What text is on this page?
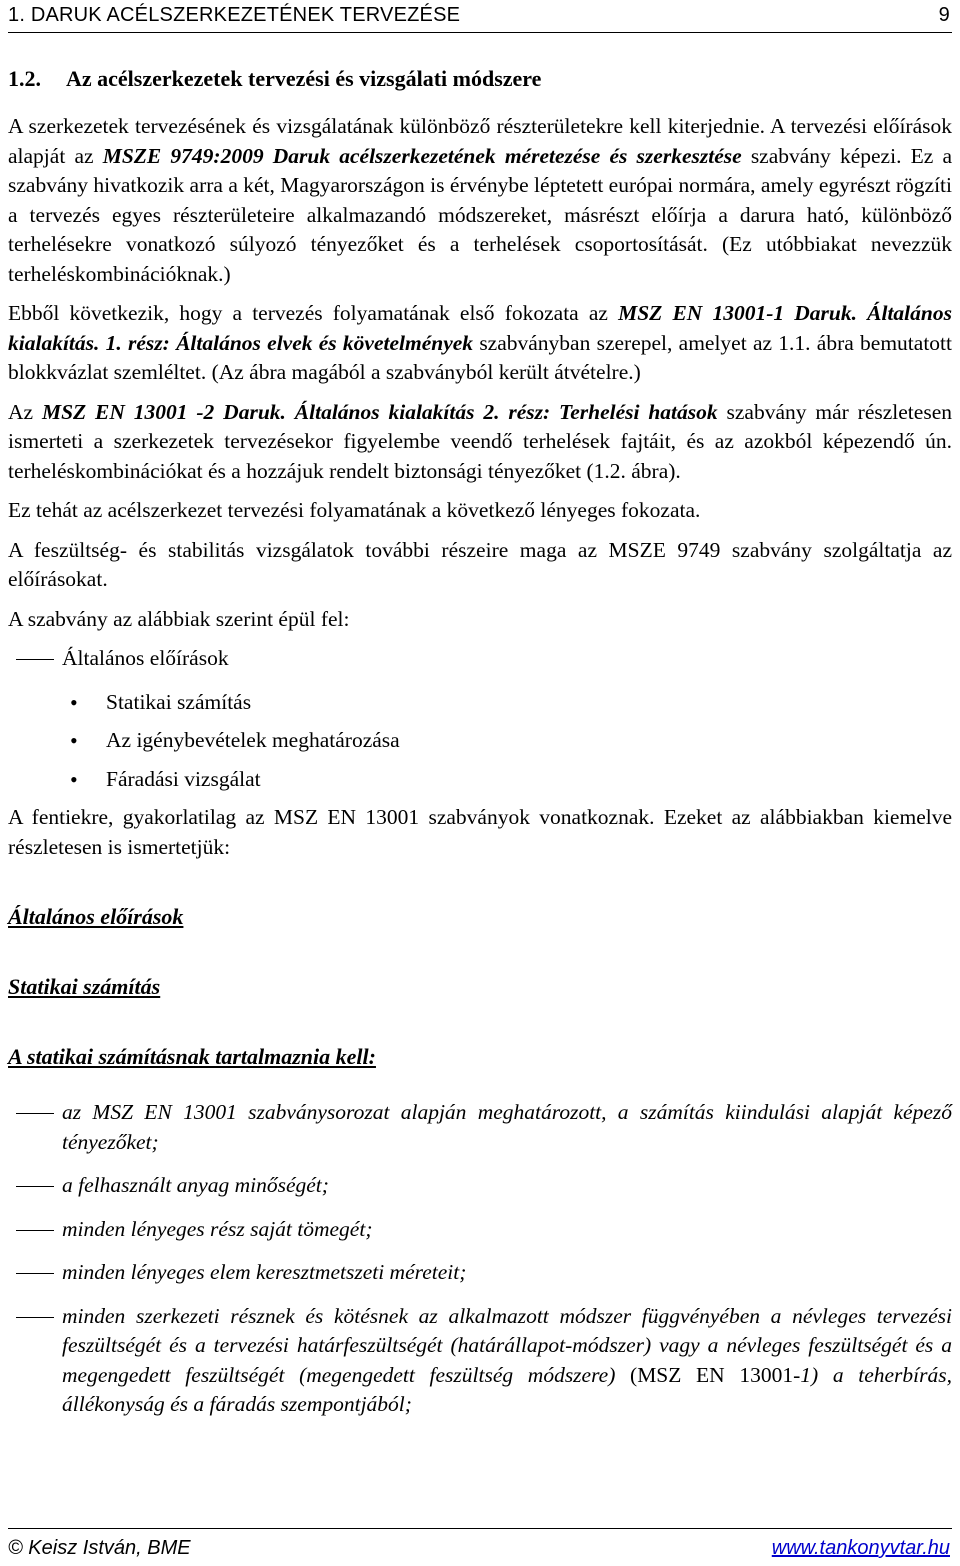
1. DARUK ACÉLSZERKEZETÉNEK TERVEZÉSE	9
1.2. Az acélszerkezetek tervezési és vizsgálati módszere

A szerkezetek tervezésének és vizsgálatának különböző részterületekre kell kiterjednie. A tervezési előírások alapját az MSZE 9749:2009 Daruk acélszerkezetének méretezése és szerkesztése szabvány képezi. Ez a szabvány hivatkozik arra a két, Magyarországon is érvénybe léptetett európai normára, amely egyrészt rögzíti a tervezés egyes részterületeire alkalmazandó módszereket, másrészt előírja a darura ható, különböző terhelésekre vonatkozó súlyozó tényezőket és a terhelések csoportosítását. (Ez utóbbiakat nevezzük terheléskombinációknak.)

Ebből következik, hogy a tervezés folyamatának első fokozata az MSZ EN 13001-1 Daruk. Általános kialakítás. 1. rész: Általános elvek és követelmények szabványban szerepel, amelyet az 1.1. ábra bemutatott blokkvázlat szemléltet. (Az ábra magából a szabványból került átvételre.)

Az MSZ EN 13001 -2 Daruk. Általános kialakítás 2. rész: Terhelési hatások szabvány már részletesen ismerteti a szerkezetek tervezésekor figyelembe veendő terhelések fajtáit, és az azokból képezendő ún. terheléskombinációkat és a hozzájuk rendelt biztonsági tényezőket (1.2. ábra).

Ez tehát az acélszerkezet tervezési folyamatának a következő lényeges fokozata.

A feszültség- és stabilitás vizsgálatok további részeire maga az MSZE 9749 szabvány szolgáltatja az előírásokat.

A szabvány az alábbiak szerint épül fel:

Általános előírások
• Statikai számítás
• Az igénybevételek meghatározása
• Fáradási vizsgálat

A fentiekre, gyakorlatilag az MSZ EN 13001 szabványok vonatkoznak. Ezeket az alábbiakban kiemelve részletesen is ismertetjük:

Általános előírások
Statikai számítás
A statikai számításnak tartalmaznia kell:
az MSZ EN 13001 szabványsorozat alapján meghatározott, a számítás kiindulási alapját képező tényezőket;
a felhasznált anyag minőségét;
minden lényeges rész saját tömegét;
minden lényeges elem keresztmetszeti méreteit;
minden szerkezeti résznek és kötésnek az alkalmazott módszer függvényében a névleges tervezési feszültségét és a tervezési határfeszültségét (határállapot-módszer) vagy a névleges feszültségét és a megengedett feszültségét (megengedett feszültség módszere) (MSZ EN 13001-1) a teherbírás, állékonyság és a fáradás szempontjából;
© Keisz István, BME	www.tankonyvtar.hu
